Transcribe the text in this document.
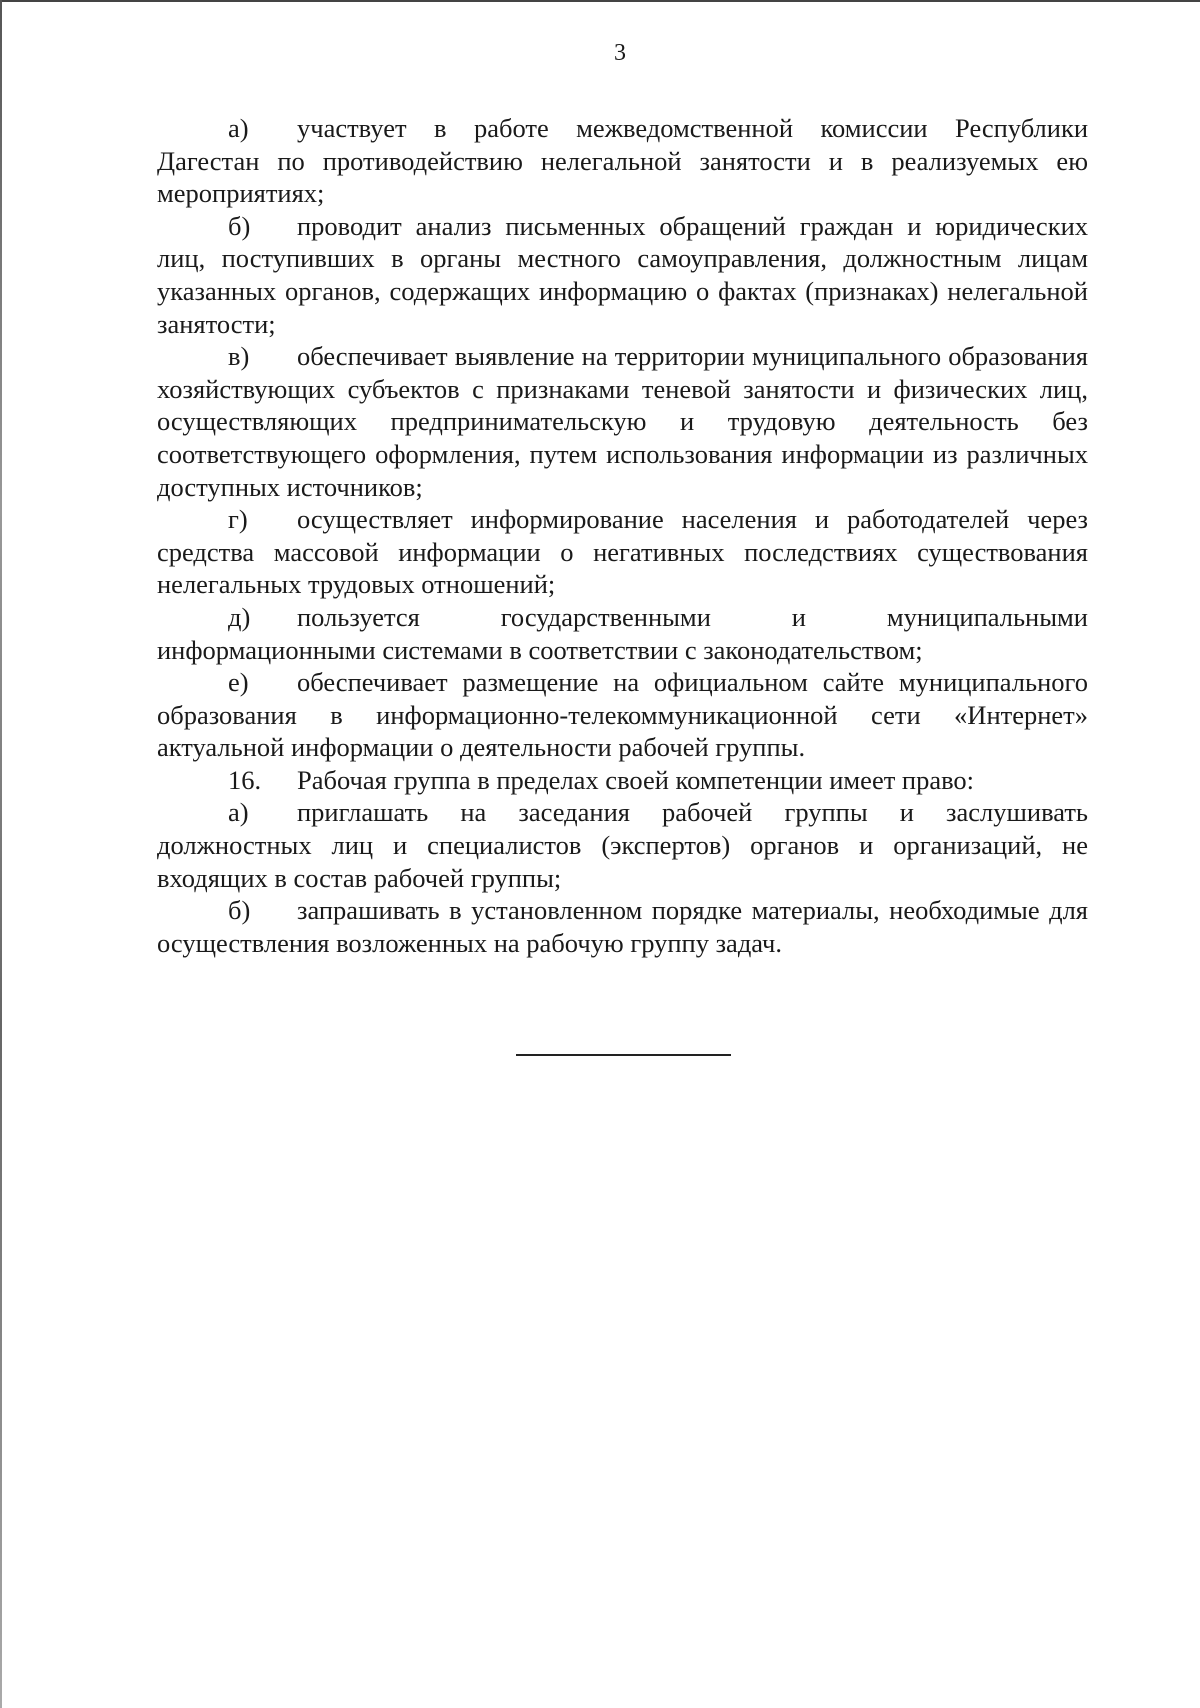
3

а) участвует в работе межведомственной комиссии Республики Дагестан по противодействию нелегальной занятости и в реализуемых ею мероприятиях;

б) проводит анализ письменных обращений граждан и юридических лиц, поступивших в органы местного самоуправления, должностным лицам указанных органов, содержащих информацию о фактах (признаках) нелегальной занятости;

в) обеспечивает выявление на территории муниципального образования хозяйствующих субъектов с признаками теневой занятости и физических лиц, осуществляющих предпринимательскую и трудовую деятельность без соответствующего оформления, путем использования информации из различных доступных источников;

г) осуществляет информирование населения и работодателей через средства массовой информации о негативных последствиях существования нелегальных трудовых отношений;

д) пользуется государственными и муниципальными информационными системами в соответствии с законодательством;

е) обеспечивает размещение на официальном сайте муниципального образования в информационно-телекоммуникационной сети «Интернет» актуальной информации о деятельности рабочей группы.

16. Рабочая группа в пределах своей компетенции имеет право:

а) приглашать на заседания рабочей группы и заслушивать должностных лиц и специалистов (экспертов) органов и организаций, не входящих в состав рабочей группы;

б) запрашивать в установленном порядке материалы, необходимые для осуществления возложенных на рабочую группу задач.
